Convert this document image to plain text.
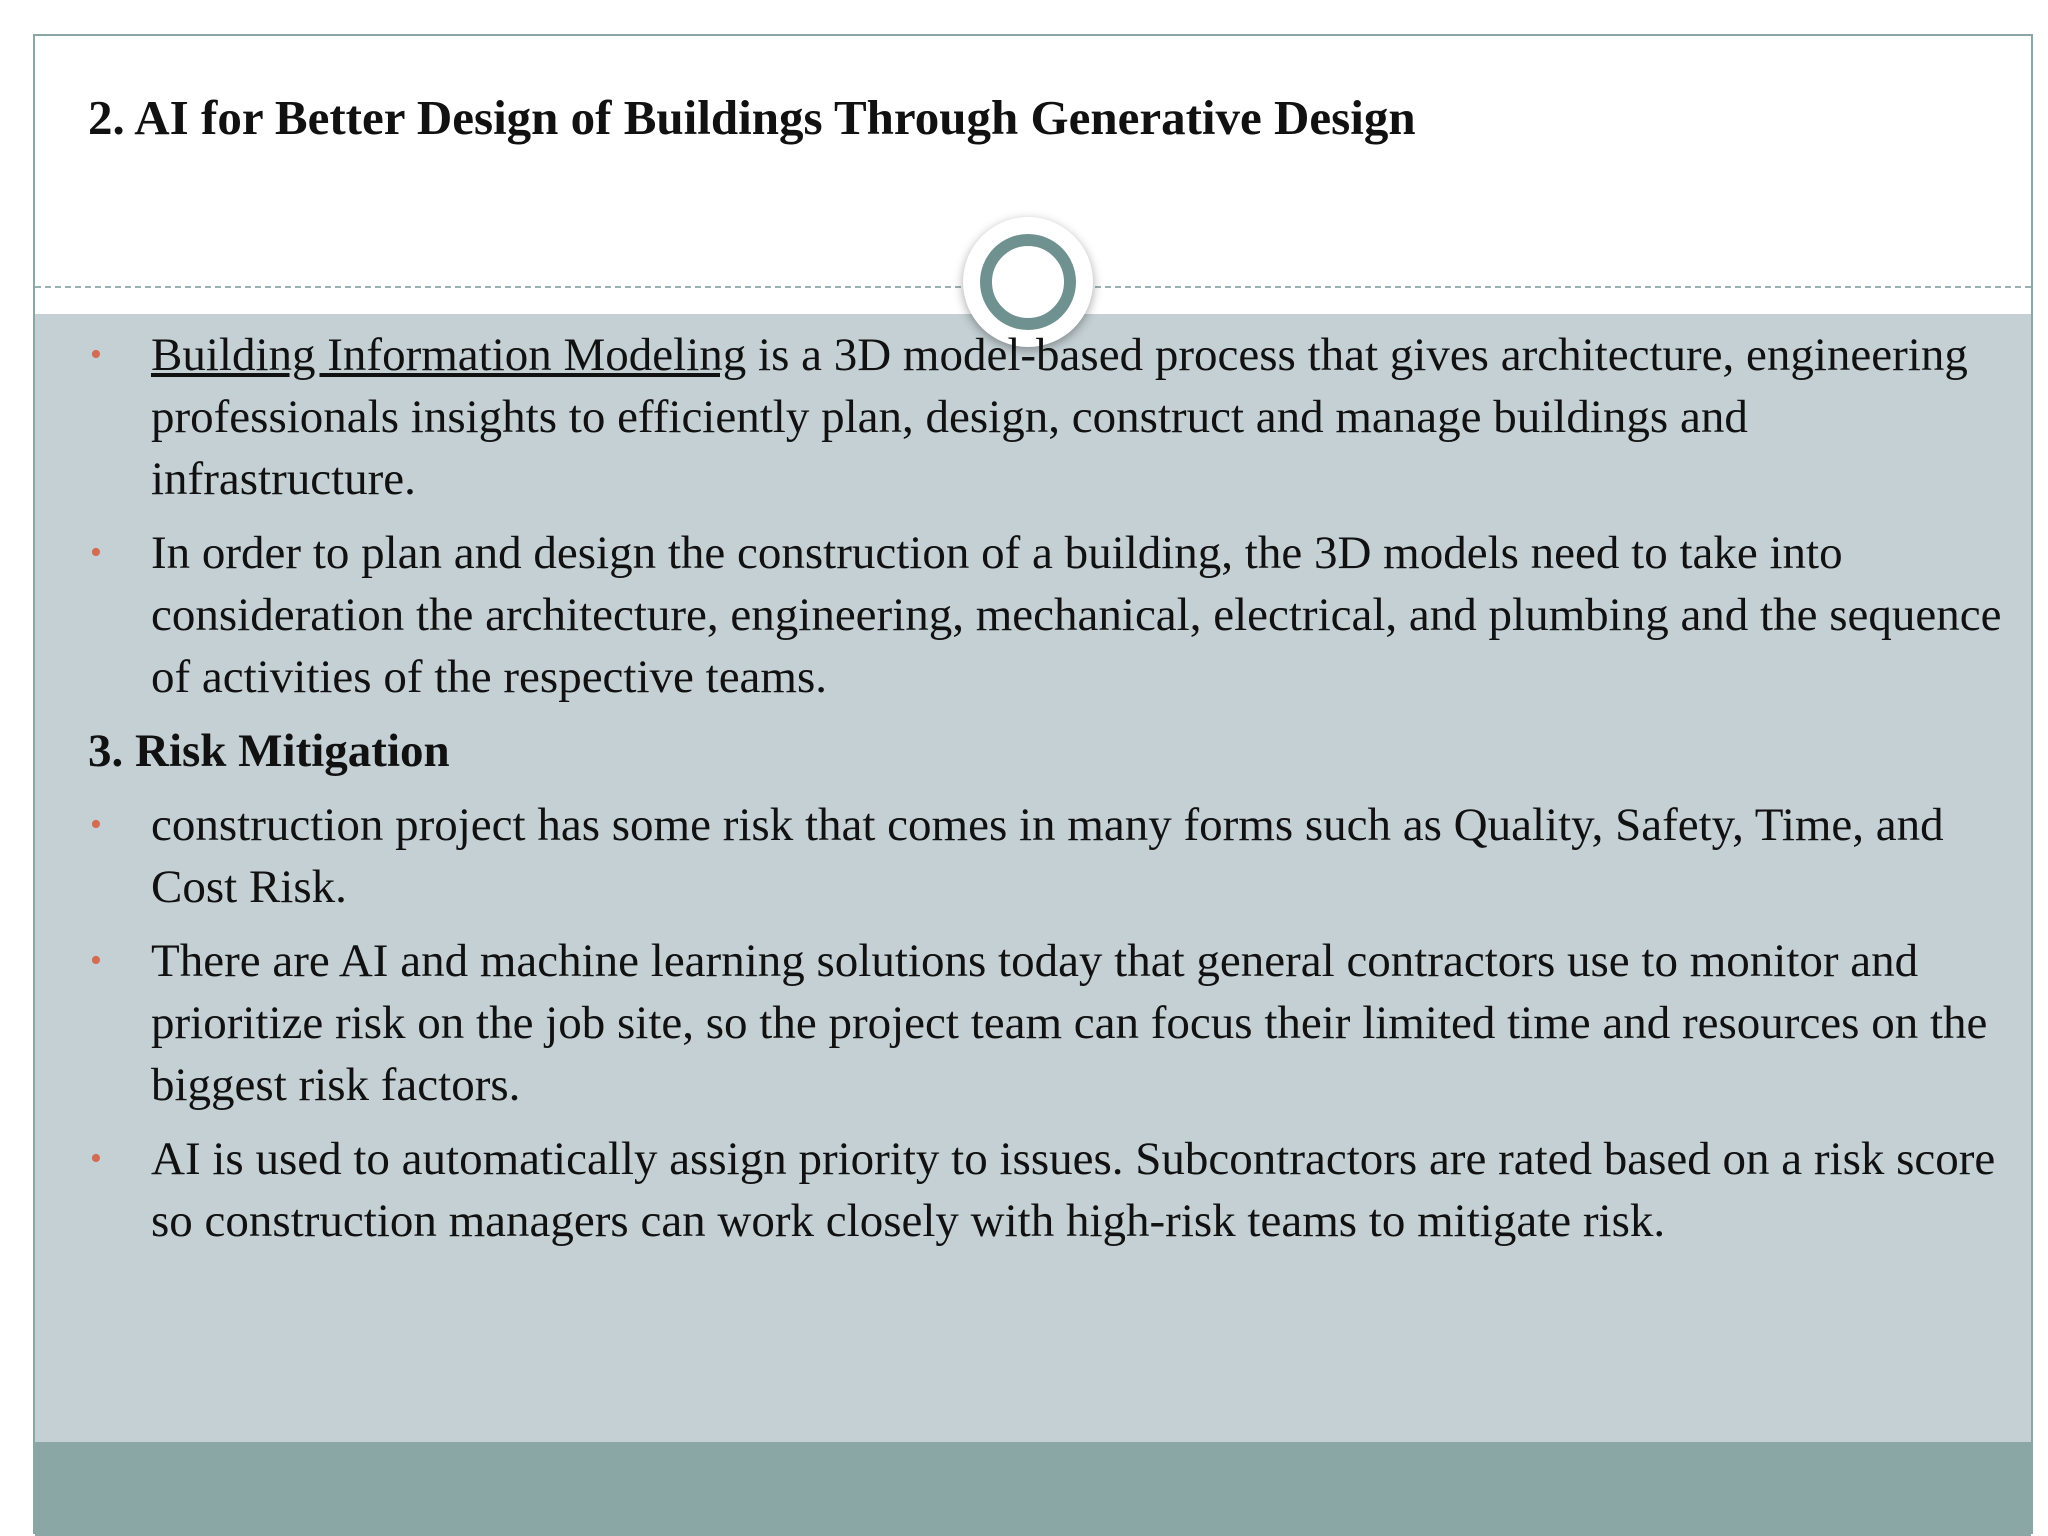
2. AI for Better Design of Buildings Through Generative Design
• Building Information Modeling is a 3D model-based process that gives architecture, engineering professionals insights to efficiently plan, design, construct and manage buildings and infrastructure.
• In order to plan and design the construction of a building, the 3D models need to take into consideration the architecture, engineering, mechanical, electrical, and plumbing and the sequence of activities of the respective teams.
3. Risk Mitigation
• construction project has some risk that comes in many forms such as Quality, Safety, Time, and Cost Risk.
• There are AI and machine learning solutions today that general contractors use to monitor and prioritize risk on the job site, so the project team can focus their limited time and resources on the biggest risk factors.
• AI is used to automatically assign priority to issues. Subcontractors are rated based on a risk score so construction managers can work closely with high-risk teams to mitigate risk.
